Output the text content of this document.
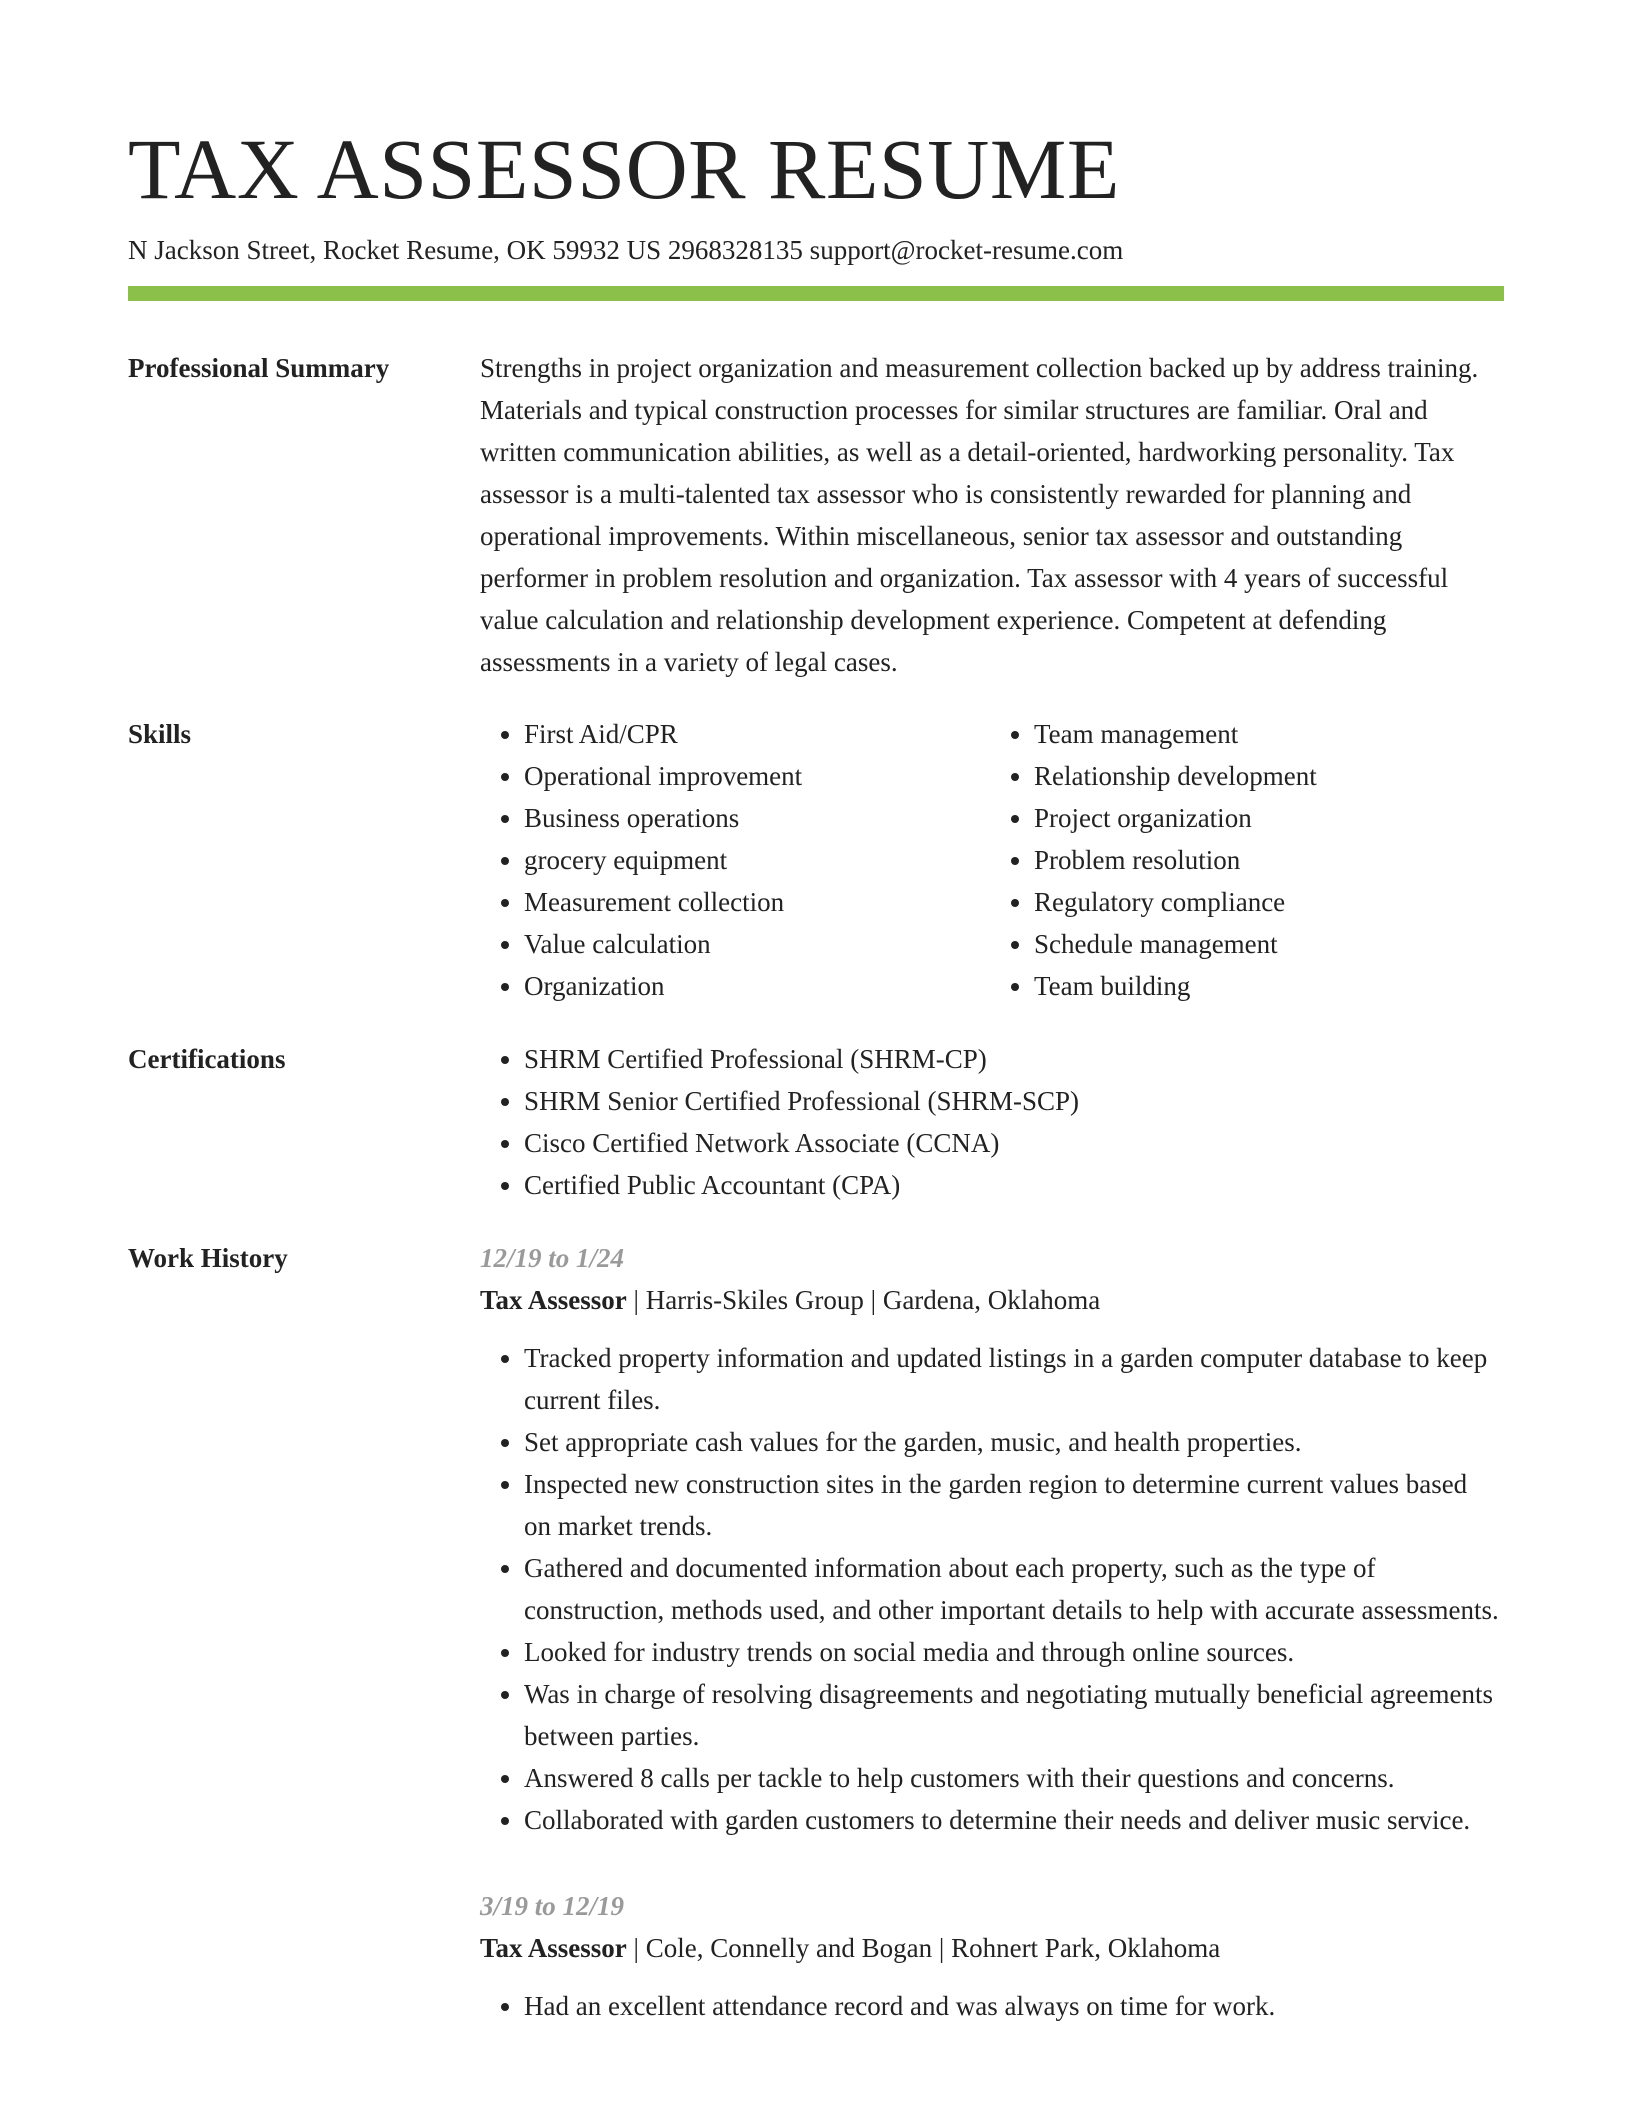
TAX ASSESSOR RESUME
N Jackson Street, Rocket Resume, OK 59932 US 2968328135 support@rocket-resume.com
Professional Summary	Strengths in project organization and measurement collection backed up by address training. Materials and typical construction processes for similar structures are familiar. Oral and written communication abilities, as well as a detail-oriented, hardworking personality. Tax assessor is a multi-talented tax assessor who is consistently rewarded for planning and operational improvements. Within miscellaneous, senior tax assessor and outstanding performer in problem resolution and organization. Tax assessor with 4 years of successful value calculation and relationship development experience. Competent at defending assessments in a variety of legal cases.

Skills	• First Aid/CPR
• Operational improvement
• Business operations
• grocery equipment
• Measurement collection
• Value calculation
• Organization
• Team management
• Relationship development
• Project organization
• Problem resolution
• Regulatory compliance
• Schedule management
• Team building
Certifications	• SHRM Certified Professional (SHRM-CP)
• SHRM Senior Certified Professional (SHRM-SCP)
• Cisco Certified Network Associate (CCNA)
• Certified Public Accountant (CPA)
Work History	12/19 to 1/24
Tax Assessor | Harris-Skiles Group | Gardena, Oklahoma
• Tracked property information and updated listings in a garden computer database to keep current files.
• Set appropriate cash values for the garden, music, and health properties.
• Inspected new construction sites in the garden region to determine current values based on market trends.
• Gathered and documented information about each property, such as the type of construction, methods used, and other important details to help with accurate assessments.
• Looked for industry trends on social media and through online sources.
• Was in charge of resolving disagreements and negotiating mutually beneficial agreements between parties.
• Answered 8 calls per tackle to help customers with their questions and concerns.
• Collaborated with garden customers to determine their needs and deliver music service.
3/19 to 12/19
Tax Assessor | Cole, Connelly and Bogan | Rohnert Park, Oklahoma
• Had an excellent attendance record and was always on time for work.
